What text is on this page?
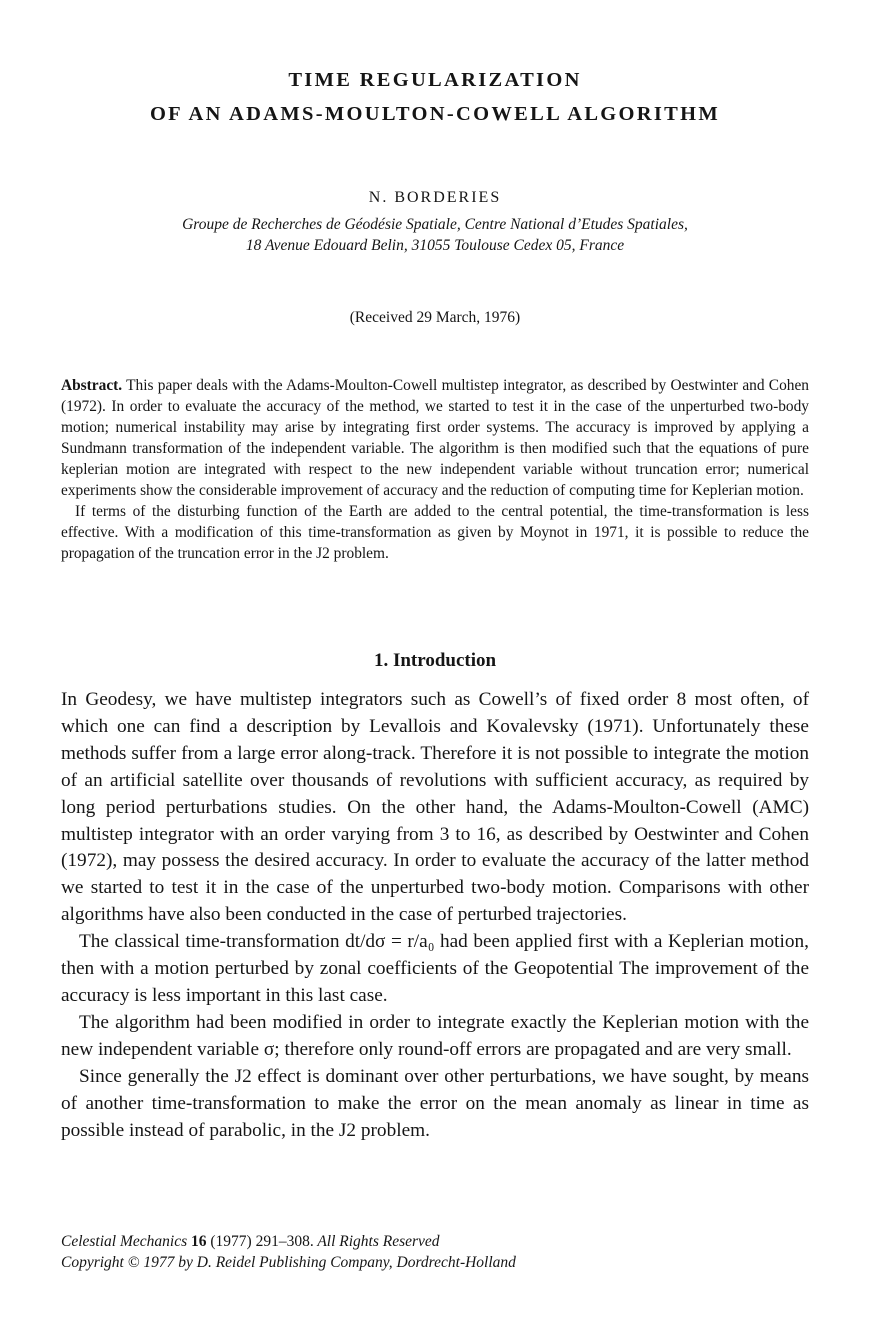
TIME REGULARIZATION
OF AN ADAMS-MOULTON-COWELL ALGORITHM
N. BORDERIES
Groupe de Recherches de Géodésie Spatiale, Centre National d’Etudes Spatiales,
18 Avenue Edouard Belin, 31055 Toulouse Cedex 05, France
(Received 29 March, 1976)

Abstract. This paper deals with the Adams-Moulton-Cowell multistep integrator, as described by Oestwinter and Cohen (1972). In order to evaluate the accuracy of the method, we started to test it in the case of the unperturbed two-body motion; numerical instability may arise by integrating first order systems. The accuracy is improved by applying a Sundmann transformation of the independent variable. The algorithm is then modified such that the equations of pure keplerian motion are integrated with respect to the new independent variable without truncation error; numerical experiments show the considerable improvement of accuracy and the reduction of computing time for Keplerian motion.

If terms of the disturbing function of the Earth are added to the central potential, the time-transformation is less effective. With a modification of this time-transformation as given by Moynot in 1971, it is possible to reduce the propagation of the truncation error in the J2 problem.

1. Introduction

In Geodesy, we have multistep integrators such as Cowell’s of fixed order 8 most often, of which one can find a description by Levallois and Kovalevsky (1971). Unfortunately these methods suffer from a large error along-track. Therefore it is not possible to integrate the motion of an artificial satellite over thousands of revolutions with sufficient accuracy, as required by long period perturbations studies. On the other hand, the Adams-Moulton-Cowell (AMC) multistep integrator with an order varying from 3 to 16, as described by Oestwinter and Cohen (1972), may possess the desired accuracy. In order to evaluate the accuracy of the latter method we started to test it in the case of the unperturbed two-body motion. Comparisons with other algorithms have also been conducted in the case of perturbed trajectories.

The classical time-transformation dt/dσ = r/a₀ had been applied first with a Keplerian motion, then with a motion perturbed by zonal coefficients of the Geopotential The improvement of the accuracy is less important in this last case.

The algorithm had been modified in order to integrate exactly the Keplerian motion with the new independent variable σ; therefore only round-off errors are propagated and are very small.

Since generally the J2 effect is dominant over other perturbations, we have sought, by means of another time-transformation to make the error on the mean anomaly as linear in time as possible instead of parabolic, in the J2 problem.

Celestial Mechanics 16 (1977) 291–308. All Rights Reserved
Copyright © 1977 by D. Reidel Publishing Company, Dordrecht-Holland
